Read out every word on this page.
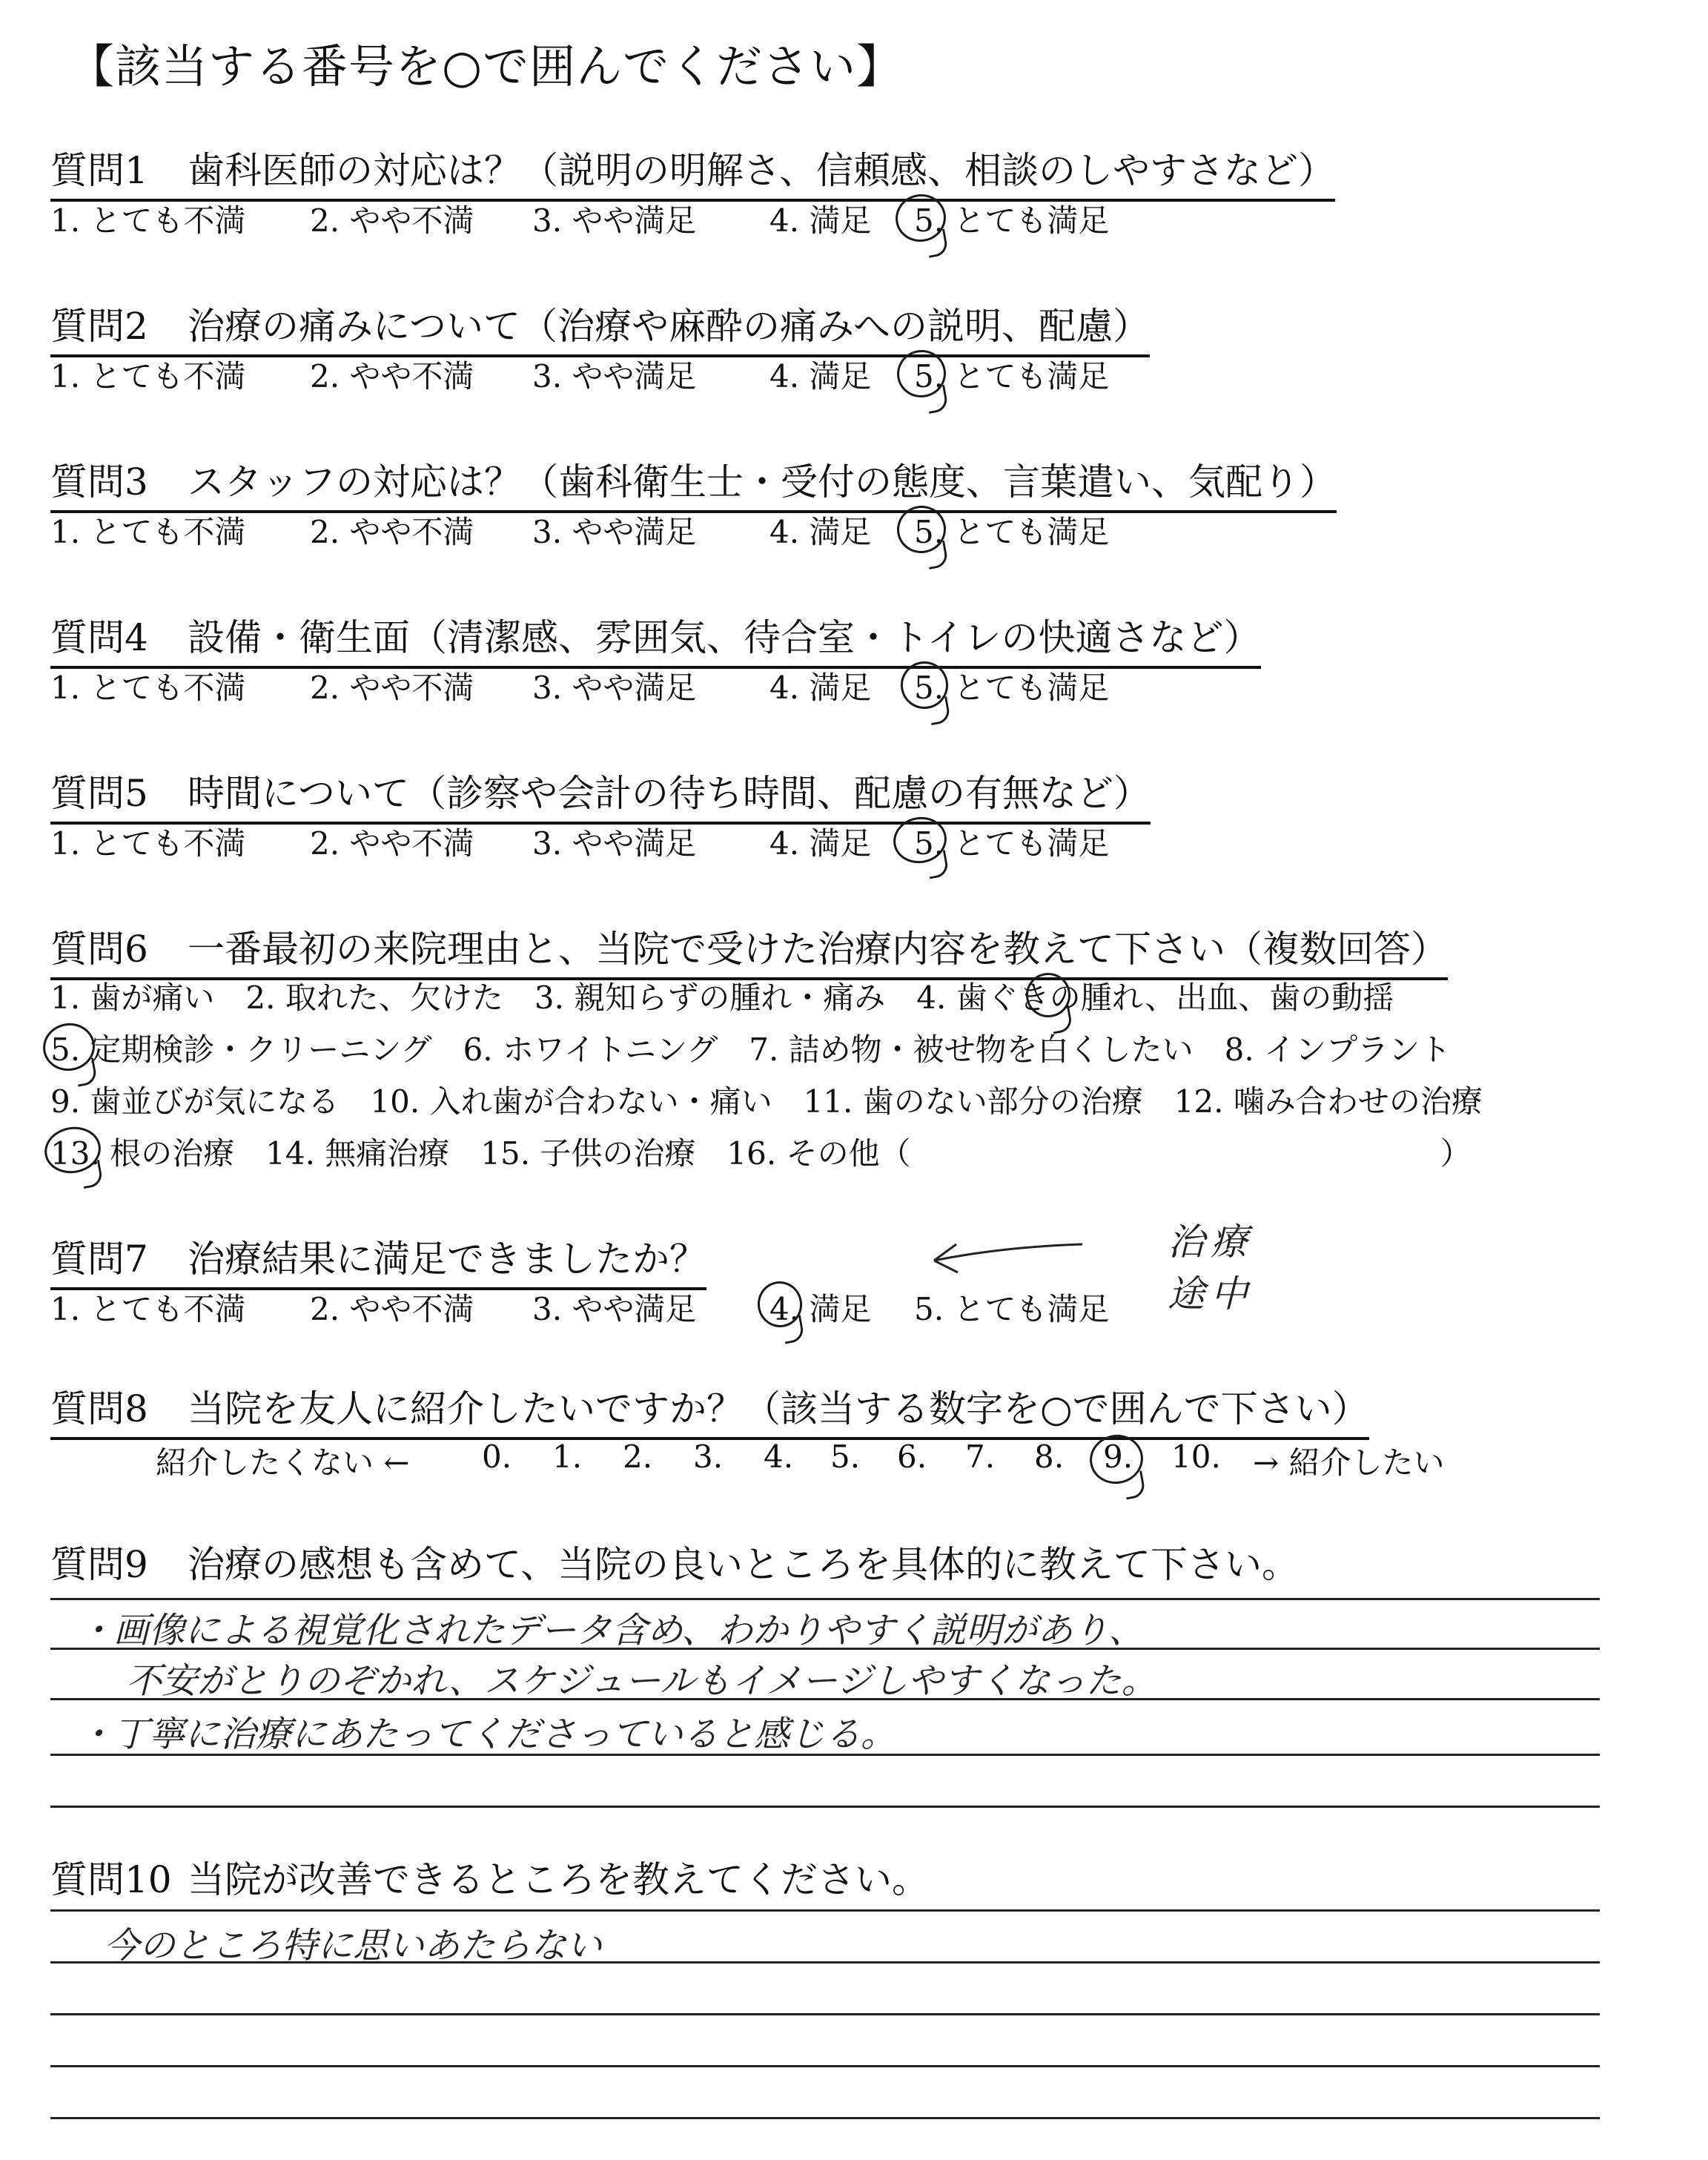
【該当する番号を○で囲んでください】
質問1 歯科医師の対応は？（説明の明解さ、信頼感、相談のしやすさなど）
1. とても不満 2. やや不満 3. やや満足 4. 満足 5. とても満足
質問2 治療の痛みについて（治療や麻酔の痛みへの説明、配慮）
1. とても不満 2. やや不満 3. やや満足 4. 満足 5. とても満足
質問3 スタッフの対応は？（歯科衛生士・受付の態度、言葉遣い、気配り）
1. とても不満 2. やや不満 3. やや満足 4. 満足 5. とても満足
質問4 設備・衛生面（清潔感、雰囲気、待合室・トイレの快適さなど）
1. とても不満 2. やや不満 3. やや満足 4. 満足 5. とても満足
質問5 時間について（診察や会計の待ち時間、配慮の有無など）
1. とても不満 2. やや不満 3. やや満足 4. 満足 5. とても満足
質問6 一番最初の来院理由と、当院で受けた治療内容を教えて下さい（複数回答）
1. 歯が痛い　2. 取れた、欠けた　3. 親知らずの腫れ・痛み　4. 歯ぐきの腫れ、出血、歯の動揺
5. 定期検診・クリーニング　6. ホワイトニング　7. 詰め物・被せ物を白くしたい　8. インプラント
9. 歯並びが気になる　10. 入れ歯が合わない・痛い　11. 歯のない部分の治療　12. 噛み合わせの治療
13. 根の治療　14. 無痛治療　15. 子供の治療　16. その他（　　　　　　　　　　　　　　　　　）
質問7 治療結果に満足できましたか？
1. とても不満 2. やや不満 3. やや満足 4. 満足 5. とても満足
治療途中
質問8 当院を友人に紹介したいですか？（該当する数字を○で囲んで下さい）
紹介したくない ← 0. 1. 2. 3. 4. 5. 6. 7. 8. 9. 10. → 紹介したい
質問9 治療の感想も含めて、当院の良いところを具体的に教えて下さい。
・画像による視覚化されたデータ含め、わかりやすく説明があり、
不安がとりのぞかれ、スケジュールもイメージしやすくなった。
・丁寧に治療にあたってくださっていると感じる。
質問10 当院が改善できるところを教えてください。
今のところ特に思いあたらない
